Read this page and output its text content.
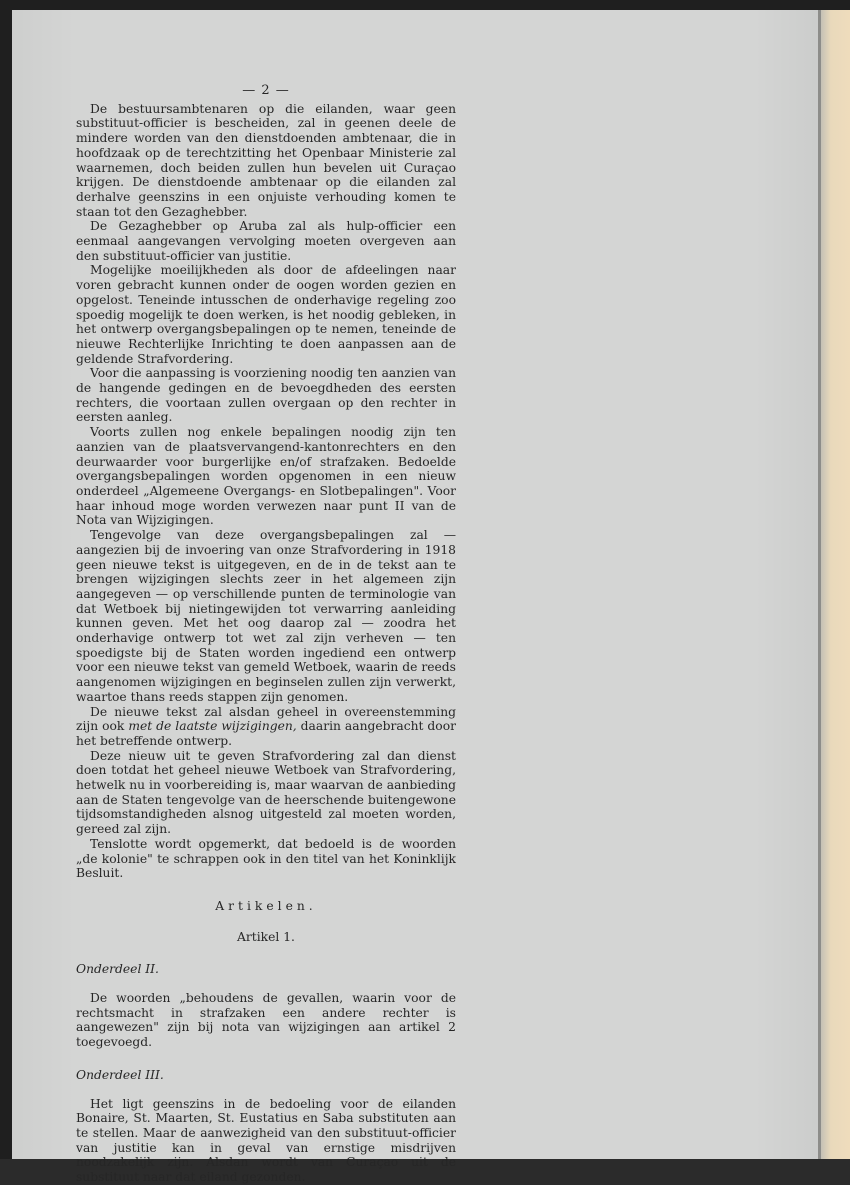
— 2 —

De bestuursambtenaren op die eilanden, waar geen substituut-officier is bescheiden, zal in geenen deele de mindere worden van den dienstdoenden ambtenaar, die in hoofdzaak op de terechtzitting het Openbaar Ministerie zal waarnemen, doch beiden zullen hun bevelen uit Curaçao krijgen. De dienstdoende ambtenaar op die eilanden zal derhalve geenszins in een onjuiste verhouding komen te staan tot den Gezaghebber.

De Gezaghebber op Aruba zal als hulp-officier een eenmaal aangevangen vervolging moeten overgeven aan den substituut-officier van justitie.

Mogelijke moeilijkheden als door de afdeelingen naar voren gebracht kunnen onder de oogen worden gezien en opgelost. Teneinde intusschen de onderhavige regeling zoo spoedig mogelijk te doen werken, is het noodig gebleken, in het ontwerp overgangsbepalingen op te nemen, teneinde de nieuwe Rechterlijke Inrichting te doen aanpassen aan de geldende Strafvordering.

Voor die aanpassing is voorziening noodig ten aanzien van de hangende gedingen en de bevoegdheden des eersten rechters, die voortaan zullen overgaan op den rechter in eersten aanleg.

Voorts zullen nog enkele bepalingen noodig zijn ten aanzien van de plaatsvervangend-kantonrechters en den deurwaarder voor burgerlijke en/of strafzaken. Bedoelde overgangsbepalingen worden opgenomen in een nieuw onderdeel „Algemeene Overgangs- en Slotbepalingen". Voor haar inhoud moge worden verwezen naar punt II van de Nota van Wijzigingen.

Tengevolge van deze overgangsbepalingen zal — aangezien bij de invoering van onze Strafvordering in 1918 geen nieuwe tekst is uitgegeven, en de in de tekst aan te brengen wijzigingen slechts zeer in het algemeen zijn aangegeven — op verschillende punten de terminologie van dat Wetboek bij nietingewijden tot verwarring aanleiding kunnen geven. Met het oog daarop zal — zoodra het onderhavige ontwerp tot wet zal zijn verheven — ten spoedigste bij de Staten worden ingediend een ontwerp voor een nieuwe tekst van gemeld Wetboek, waarin de reeds aangenomen wijzigingen en beginselen zullen zijn verwerkt, waartoe thans reeds stappen zijn genomen.

De nieuwe tekst zal alsdan geheel in overeenstemming zijn ook met de laatste wijzigingen, daarin aangebracht door het betreffende ontwerp.

Deze nieuw uit te geven Strafvordering zal dan dienst doen totdat het geheel nieuwe Wetboek van Strafvordering, hetwelk nu in voorbereiding is, maar waarvan de aanbieding aan de Staten tengevolge van de heerschende buitengewone tijdsomstandigheden alsnog uitgesteld zal moeten worden, gereed zal zijn.

Tenslotte wordt opgemerkt, dat bedoeld is de woorden „de kolonie" te schrappen ook in den titel van het Koninklijk Besluit.

Artikelen.
Artikel 1.
Onderdeel II.

De woorden „behoudens de gevallen, waarin voor de rechtsmacht in strafzaken een andere rechter is aangewezen" zijn bij nota van wijzigingen aan artikel 2 toegevoegd.

Onderdeel III.

Het ligt geenszins in de bedoeling voor de eilanden Bonaire, St. Maarten, St. Eustatius en Saba substituten aan te stellen. Maar de aanwezigheid van den substituut-officier van justitie kan in geval van ernstige misdrijven noodzakelijk zijn. Alsdan wordt van Curaçao uit de substituut naar dat eiland gezonden.
